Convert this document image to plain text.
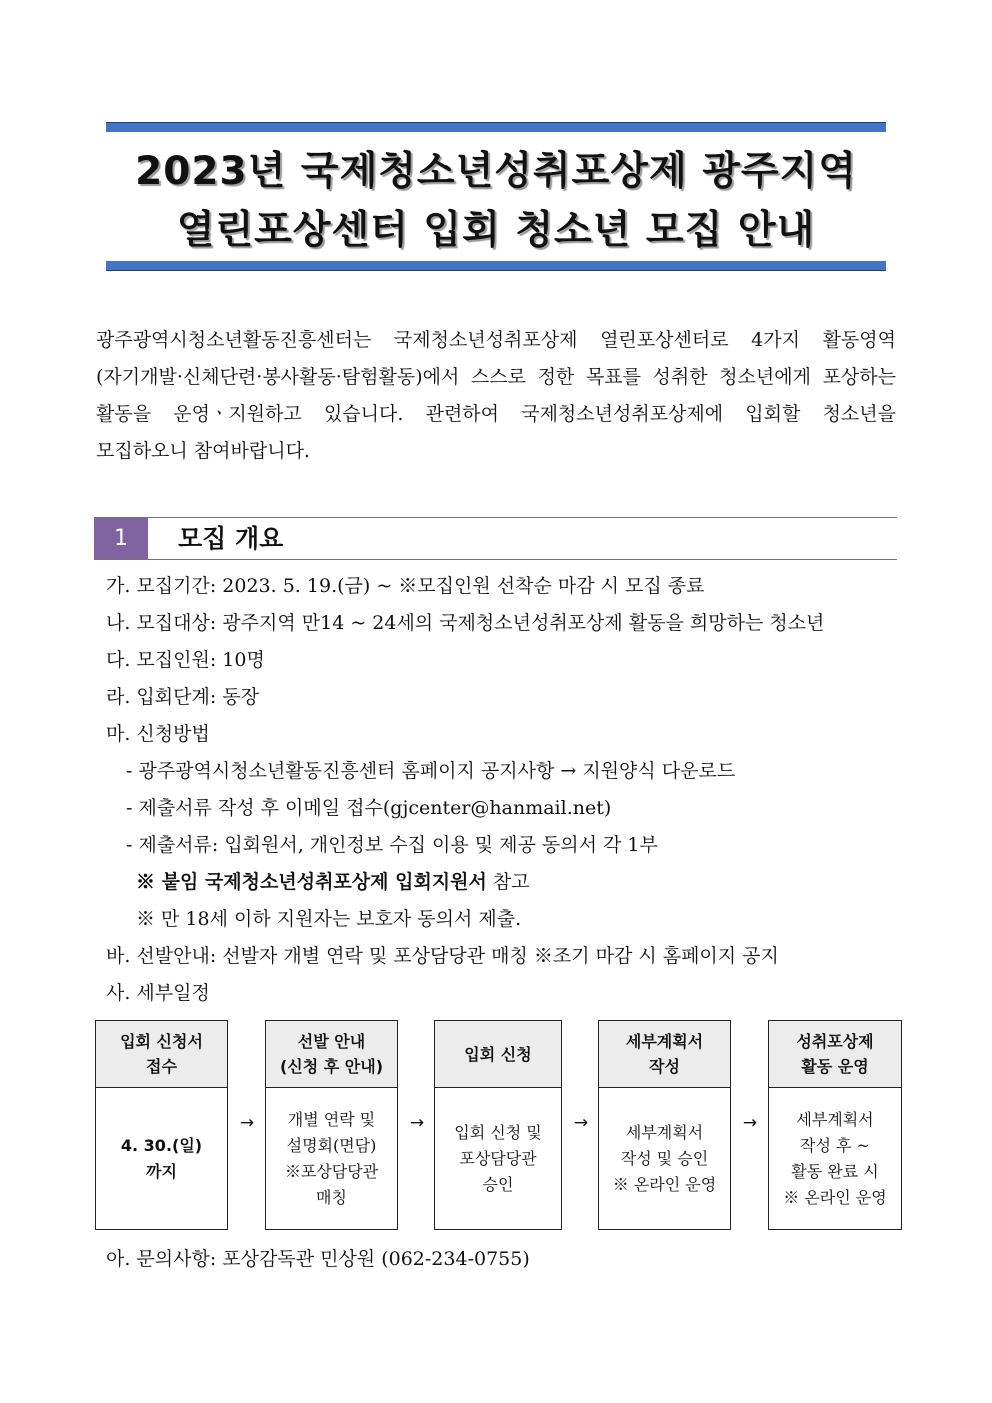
2023년 국제청소년성취포상제 광주지역
열린포상센터 입회 청소년 모집 안내
광주광역시청소년활동진흥센터는 국제청소년성취포상제 열린포상센터로 4가지 활동영역 (자기개발·신체단련·봉사활동·탐험활동)에서 스스로 정한 목표를 성취한 청소년에게 포상하는 활동을 운영ㆍ지원하고 있습니다. 관련하여 국제청소년성취포상제에 입회할 청소년을 모집하오니 참여바랍니다.
1	모집 개요
가. 모집기간: 2023. 5. 19.(금) ~ ※모집인원 선착순 마감 시 모집 종료
나. 모집대상: 광주지역 만14 ~ 24세의 국제청소년성취포상제 활동을 희망하는 청소년
다. 모집인원: 10명
라. 입회단계: 동장
마. 신청방법
- 광주광역시청소년활동진흥센터 홈페이지 공지사항 → 지원양식 다운로드
- 제출서류 작성 후 이메일 접수(gjcenter@hanmail.net)
- 제출서류: 입회원서, 개인정보 수집 이용 및 제공 동의서 각 1부
※ 붙임 국제청소년성취포상제 입회지원서 참고
※ 만 18세 이하 지원자는 보호자 동의서 제출.
바. 선발안내: 선발자 개별 연락 및 포상담당관 매칭 ※조기 마감 시 홈페이지 공지
사. 세부일정
입회 신청서
접수
4. 30.(일)
까지
→
선발 안내
(신청 후 안내)
개별 연락 및
설명회(면담)
※포상담당관
매칭
→
입회 신청
입회 신청 및
포상담당관
승인
→
세부계획서
작성
세부계획서
작성 및 승인
※ 온라인 운영
→
성취포상제
활동 운영
세부계획서
작성 후 ~
활동 완료 시
※ 온라인 운영
아. 문의사항: 포상감독관 민상원 (062-234-0755)
